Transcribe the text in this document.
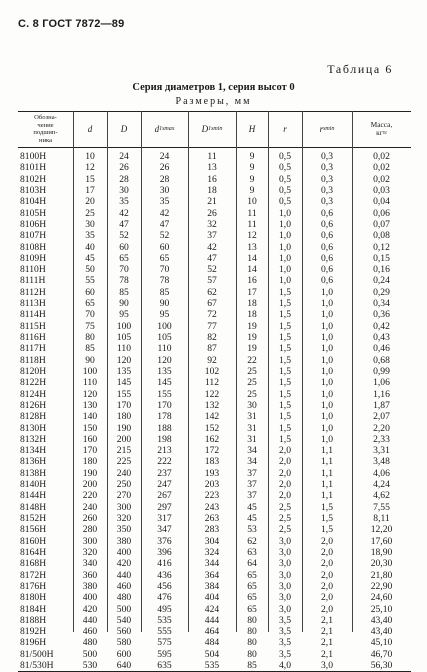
С. 8 ГОСТ 7872—89
Таблица 6
Серия диаметров 1, серия высот 0
Размеры, мм
Обозна-
чение
подшип-
ника
d	D	d 1smax	D 1smin	H	r	r smin
Масса,
кг≈
8100H	10	24	24	11	9	0,5	0,3	0,02
8101H	12	26	26	13	9	0,5	0,3	0,02
8102H	15	28	28	16	9	0,5	0,3	0,02
8103H	17	30	30	18	9	0,5	0,3	0,03
8104H	20	35	35	21	10	0,5	0,3	0,04
8105H	25	42	42	26	11	1,0	0,6	0,06
8106H	30	47	47	32	11	1,0	0,6	0,07
8107H	35	52	52	37	12	1,0	0,6	0,08
8108H	40	60	60	42	13	1,0	0,6	0,12
8109H	45	65	65	47	14	1,0	0,6	0,15
8110H	50	70	70	52	14	1,0	0,6	0,16
8111H	55	78	78	57	16	1,0	0,6	0,24
8112H	60	85	85	62	17	1,5	1,0	0,29
8113H	65	90	90	67	18	1,5	1,0	0,34
8114H	70	95	95	72	18	1,5	1,0	0,36
8115H	75	100	100	77	19	1,5	1,0	0,42
8116H	80	105	105	82	19	1,5	1,0	0,43
8117H	85	110	110	87	19	1,5	1,0	0,46
8118H	90	120	120	92	22	1,5	1,0	0,68
8120H	100	135	135	102	25	1,5	1,0	0,99
8122H	110	145	145	112	25	1,5	1,0	1,06
8124H	120	155	155	122	25	1,5	1,0	1,16
8126H	130	170	170	132	30	1,5	1,0	1,87
8128H	140	180	178	142	31	1,5	1,0	2,07
8130H	150	190	188	152	31	1,5	1,0	2,20
8132H	160	200	198	162	31	1,5	1,0	2,33
8134H	170	215	213	172	34	2,0	1,1	3,31
8136H	180	225	222	183	34	2,0	1,1	3,48
8138H	190	240	237	193	37	2,0	1,1	4,06
8140H	200	250	247	203	37	2,0	1,1	4,24
8144H	220	270	267	223	37	2,0	1,1	4,62
8148H	240	300	297	243	45	2,5	1,5	7,55
8152H	260	320	317	263	45	2,5	1,5	8,11
8156H	280	350	347	283	53	2,5	1,5	12,20
8160H	300	380	376	304	62	3,0	2,0	17,60
8164H	320	400	396	324	63	3,0	2,0	18,90
8168H	340	420	416	344	64	3,0	2,0	20,30
8172H	360	440	436	364	65	3,0	2,0	21,80
8176H	380	460	456	384	65	3,0	2,0	22,90
8180H	400	480	476	404	65	3,0	2,0	24,60
8184H	420	500	495	424	65	3,0	2,0	25,10
8188H	440	540	535	444	80	3,5	2,1	43,40
8192H	460	560	555	464	80	3,5	2,1	43,40
8196H	480	580	575	484	80	3,5	2,1	45,10
81/500H	500	600	595	504	80	3,5	2,1	46,70
81/530H	530	640	635	535	85	4,0	3,0	56,30
